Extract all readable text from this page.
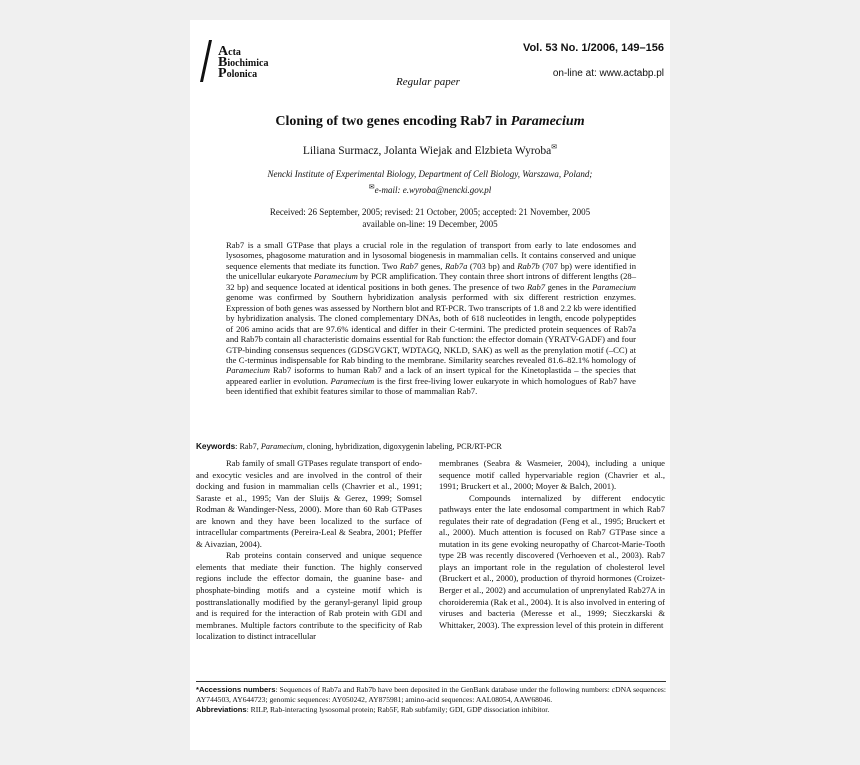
Acta
Biochimica
Polonica
Vol. 53 No. 1/2006, 149–156
on-line at: www.actabp.pl
Regular paper
Cloning of two genes encoding Rab7 in Paramecium
Liliana Surmacz, Jolanta Wiejak and Elzbieta Wyroba✉
Nencki Institute of Experimental Biology, Department of Cell Biology, Warszawa, Poland;
✉e-mail: e.wyroba@nencki.gov.pl
Received: 26 September, 2005; revised: 21 October, 2005; accepted: 21 November, 2005
available on-line: 19 December, 2005
Rab7 is a small GTPase that plays a crucial role in the regulation of transport from early to late endosomes and lysosomes, phagosome maturation and in lysosomal biogenesis in mammalian cells. It contains conserved and unique sequence elements that mediate its function. Two Rab7 genes, Rab7a (703 bp) and Rab7b (707 bp) were identified in the unicellular eukaryote Paramecium by PCR amplification. They contain three short introns of different lengths (28–32 bp) and sequence located at identical positions in both genes. The presence of two Rab7 genes in the Paramecium genome was confirmed by Southern hybridization analysis performed with six different restriction enzymes. Expression of both genes was assessed by Northern blot and RT-PCR. Two transcripts of 1.8 and 2.2 kb were identified by hybridization analysis. The cloned complementary DNAs, both of 618 nucleotides in length, encode polypeptides of 206 amino acids that are 97.6% identical and differ in their C-termini. The predicted protein sequences of Rab7a and Rab7b contain all characteristic domains essential for Rab function: the effector domain (YRATV-GADF) and four GTP-binding consensus sequences (GDSGVGKT, WDTAGQ, NKLD, SAK) as well as the prenylation motif (–CC) at the C-terminus indispensable for Rab binding to the membrane. Similarity searches revealed 81.6–82.1% homology of Paramecium Rab7 isoforms to human Rab7 and a lack of an insert typical for the Kinetoplastida – the species that appeared earlier in evolution. Paramecium is the first free-living lower eukaryote in which homologues of Rab7 have been identified that exhibit features similar to those of mammalian Rab7.
Keywords: Rab7, Paramecium, cloning, hybridization, digoxygenin labeling, PCR/RT-PCR

Rab family of small GTPases regulate transport of endo- and exocytic vesicles and are involved in the control of their docking and fusion in mammalian cells (Chavrier et al., 1991; Saraste et al., 1995; Van der Sluijs & Gerez, 1999; Somsel Rodman & Wandinger-Ness, 2000). More than 60 Rab GTPases are known and they have been localized to the surface of intracellular compartments (Pereira-Leal & Seabra, 2001; Pfeffer & Aivazian, 2004).

Rab proteins contain conserved and unique sequence elements that mediate their function. The highly conserved regions include the effector domain, the guanine base- and phosphate-binding motifs and a cysteine motif which is posttranslationally modified by the geranyl-geranyl lipid group and is required for the interaction of Rab protein with GDI and membranes. Multiple factors contribute to the specificity of Rab localization to distinct intracellular

membranes (Seabra & Wasmeier, 2004), including a unique sequence motif called hypervariable region (Chavrier et al., 1991; Bruckert et al., 2000; Moyer & Balch, 2001).

Compounds internalized by different endocytic pathways enter the late endosomal compartment in which Rab7 regulates their rate of degradation (Feng et al., 1995; Bruckert et al., 2000). Much attention is focused on Rab7 GTPase since a mutation in its gene evoking neuropathy of Charcot-Marie-Tooth type 2B was recently discovered (Verhoeven et al., 2003). Rab7 plays an important role in the regulation of cholesterol level (Bruckert et al., 2000), production of thyroid hormones (Croizet-Berger et al., 2002) and accumulation of unprenylated Rab27A in choroideremia (Rak et al., 2004). It is also involved in entering of viruses and bacteria (Meresse et al., 1999; Sieczkarski & Whittaker, 2003). The expression level of this protein in different

*Accessions numbers: Sequences of Rab7a and Rab7b have been deposited in the GenBank database under the following numbers: cDNA sequences: AY744503, AY644723; genomic sequences: AY050242, AY875981; amino-acid sequences: AAL08054, AAW68046.
Abbreviations: RILP, Rab-interacting lysosomal protein; Rab5F, Rab subfamily; GDI, GDP dissociation inhibitor.
